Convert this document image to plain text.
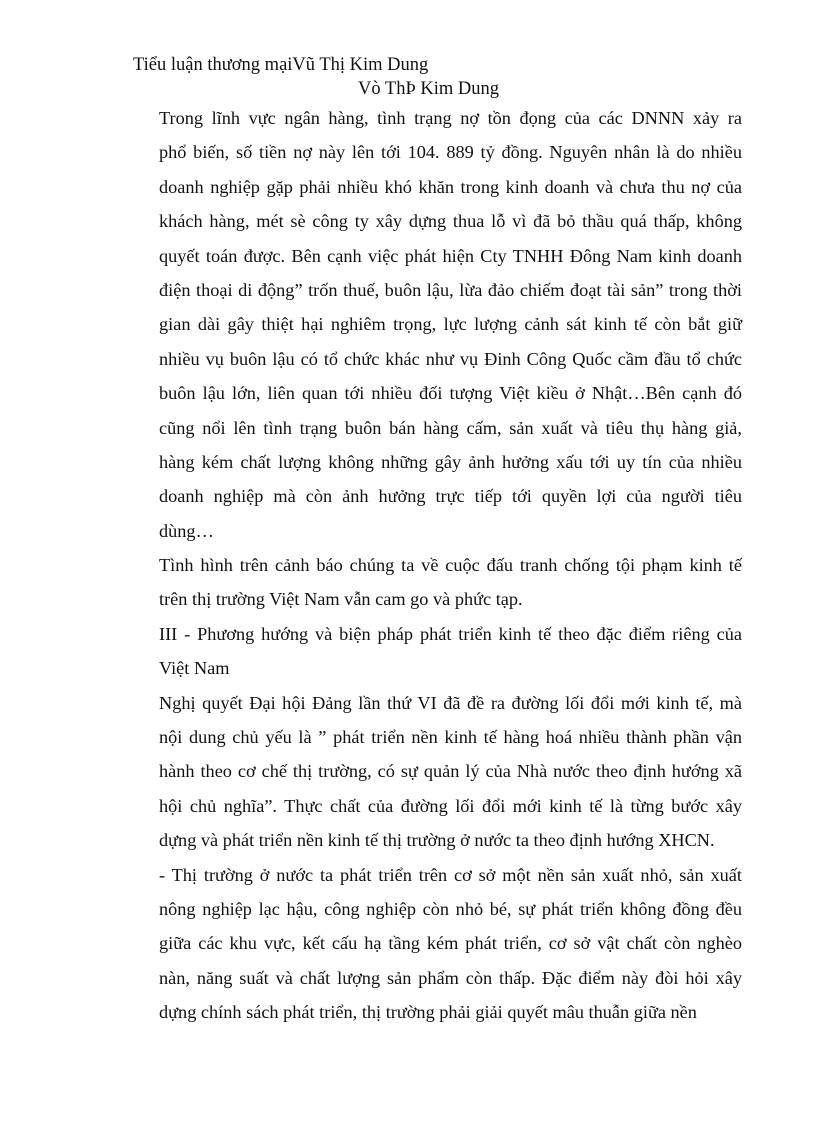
Tiểu luận thương mạiVũ Thị Kim Dung
Vò ThÞ Kim Dung
Trong lĩnh vực ngân hàng, tình trạng nợ tồn đọng của các DNNN xảy ra
phổ biến, số tiền nợ này lên tới 104. 889 tỷ đồng. Nguyên nhân là do nhiều
doanh nghiệp gặp phải nhiều khó khăn trong kinh doanh và chưa thu nợ của
khách hàng, mét sè công ty xây dựng thua lỗ vì đã bỏ thầu quá thấp, không
quyết toán được. Bên cạnh việc phát hiện Cty TNHH Đông Nam kinh doanh
điện thoại di động” trốn thuế, buôn lậu, lừa đảo chiếm đoạt tài sản” trong thời
gian dài gây thiệt hại nghiêm trọng, lực lượng cảnh sát kinh tế còn bắt giữ
nhiều vụ buôn lậu có tổ chức khác như vụ Đinh Công Quốc cầm đầu tổ chức
buôn lậu lớn, liên quan tới nhiều đối tượng Việt kiều ở Nhật…Bên cạnh đó
cũng nổi lên tình trạng buôn bán hàng cấm, sản xuất và tiêu thụ hàng giả,
hàng kém chất lượng không những gây ảnh hưởng xấu tới uy tín của nhiều
doanh nghiệp mà còn ảnh hưởng trực tiếp tới quyền lợi của người tiêu
dùng…
Tình hình trên cảnh báo chúng ta về cuộc đấu tranh chống tội phạm kinh tế
trên thị trường Việt Nam vẫn cam go và phức tạp.
III - Phương hướng và biện pháp phát triển kinh tế theo đặc điểm riêng của
Việt Nam
Nghị quyết Đại hội Đảng lần thứ VI đã đề ra đường lối đổi mới kinh tế, mà
nội dung chủ yếu là ” phát triển nền kinh tế hàng hoá nhiều thành phần vận
hành theo cơ chế thị trường, có sự quản lý của Nhà nước theo định hướng xã
hội chủ nghĩa”. Thực chất của đường lối đổi mới kinh tế là từng bước xây
dựng và phát triển nền kinh tế thị trường ở nước ta theo định hướng XHCN.
- Thị trường ở nước ta phát triển trên cơ sở một nền sản xuất nhỏ, sản xuất
nông nghiệp lạc hậu, công nghiệp còn nhỏ bé, sự phát triển không đồng đều
giữa các khu vực, kết cấu hạ tầng kém phát triển, cơ sở vật chất còn nghèo
nàn, năng suất và chất lượng sản phẩm còn thấp. Đặc điểm này đòi hỏi xây
dựng chính sách phát triển, thị trường phải giải quyết mâu thuẫn giữa nền
